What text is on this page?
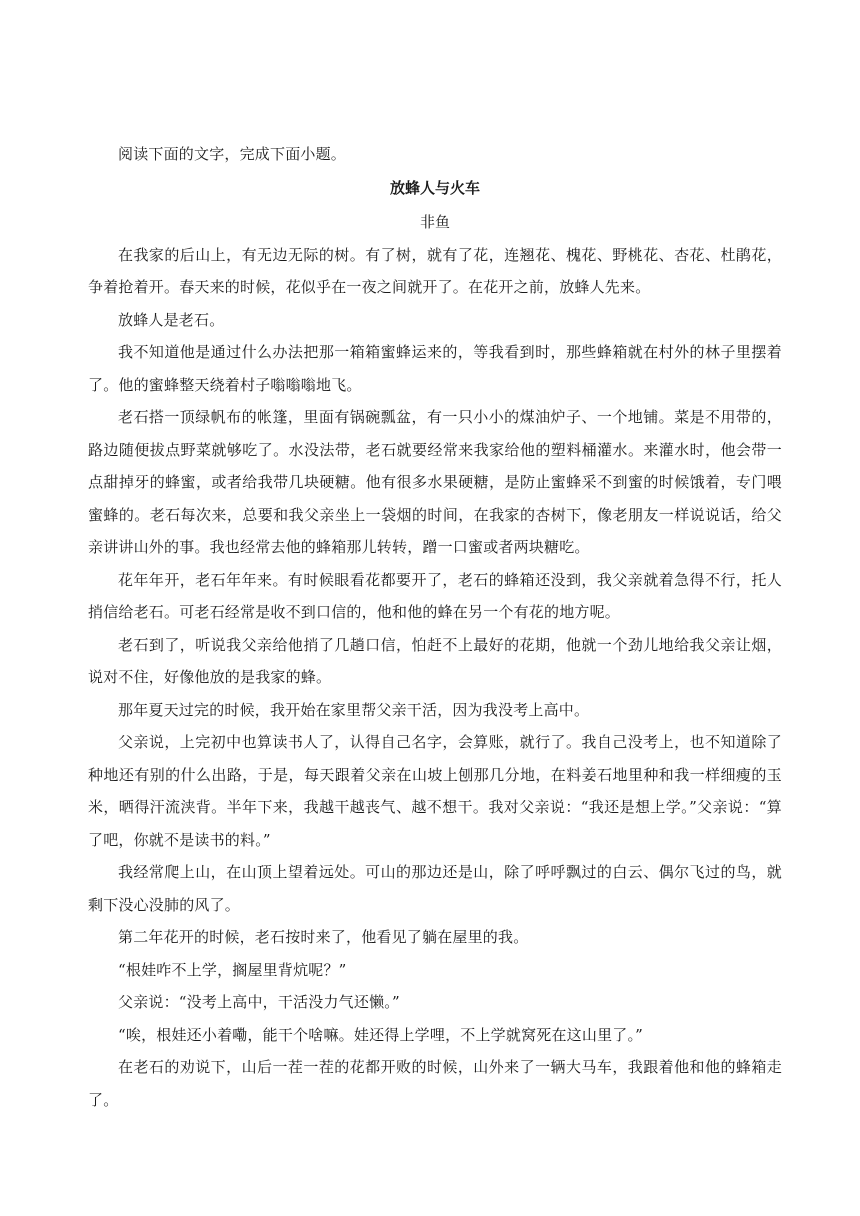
阅读下面的文字，完成下面小题。

放蜂人与火车

非鱼

在我家的后山上，有无边无际的树。有了树，就有了花，连翘花、槐花、野桃花、杏花、杜鹃花，争着抢着开。春天来的时候，花似乎在一夜之间就开了。在花开之前，放蜂人先来。

放蜂人是老石。

我不知道他是通过什么办法把那一箱箱蜜蜂运来的，等我看到时，那些蜂箱就在村外的林子里摆着了。他的蜜蜂整天绕着村子嗡嗡嗡地飞。

老石搭一顶绿帆布的帐篷，里面有锅碗瓢盆，有一只小小的煤油炉子、一个地铺。菜是不用带的，路边随便拔点野菜就够吃了。水没法带，老石就要经常来我家给他的塑料桶灌水。来灌水时，他会带一点甜掉牙的蜂蜜，或者给我带几块硬糖。他有很多水果硬糖，是防止蜜蜂采不到蜜的时候饿着，专门喂蜜蜂的。老石每次来，总要和我父亲坐上一袋烟的时间，在我家的杏树下，像老朋友一样说说话，给父亲讲讲山外的事。我也经常去他的蜂箱那儿转转，蹭一口蜜或者两块糖吃。

花年年开，老石年年来。有时候眼看花都要开了，老石的蜂箱还没到，我父亲就着急得不行，托人捎信给老石。可老石经常是收不到口信的，他和他的蜂在另一个有花的地方呢。

老石到了，听说我父亲给他捎了几趟口信，怕赶不上最好的花期，他就一个劲儿地给我父亲让烟，说对不住，好像他放的是我家的蜂。

那年夏天过完的时候，我开始在家里帮父亲干活，因为我没考上高中。

父亲说，上完初中也算读书人了，认得自己名字，会算账，就行了。我自己没考上，也不知道除了种地还有别的什么出路，于是，每天跟着父亲在山坡上刨那几分地，在料姜石地里种和我一样细瘦的玉米，晒得汗流浃背。半年下来，我越干越丧气、越不想干。我对父亲说：“我还是想上学。”父亲说：“算了吧，你就不是读书的料。”

我经常爬上山，在山顶上望着远处。可山的那边还是山，除了呼呼飘过的白云、偶尔飞过的鸟，就剩下没心没肺的风了。

第二年花开的时候，老石按时来了，他看见了躺在屋里的我。

“根娃咋不上学，搁屋里背炕呢？”

父亲说：“没考上高中，干活没力气还懒。”

“唉，根娃还小着嘞，能干个啥嘛。娃还得上学哩，不上学就窝死在这山里了。”

在老石的劝说下，山后一茬一茬的花都开败的时候，山外来了一辆大马车，我跟着他和他的蜂箱走了。
